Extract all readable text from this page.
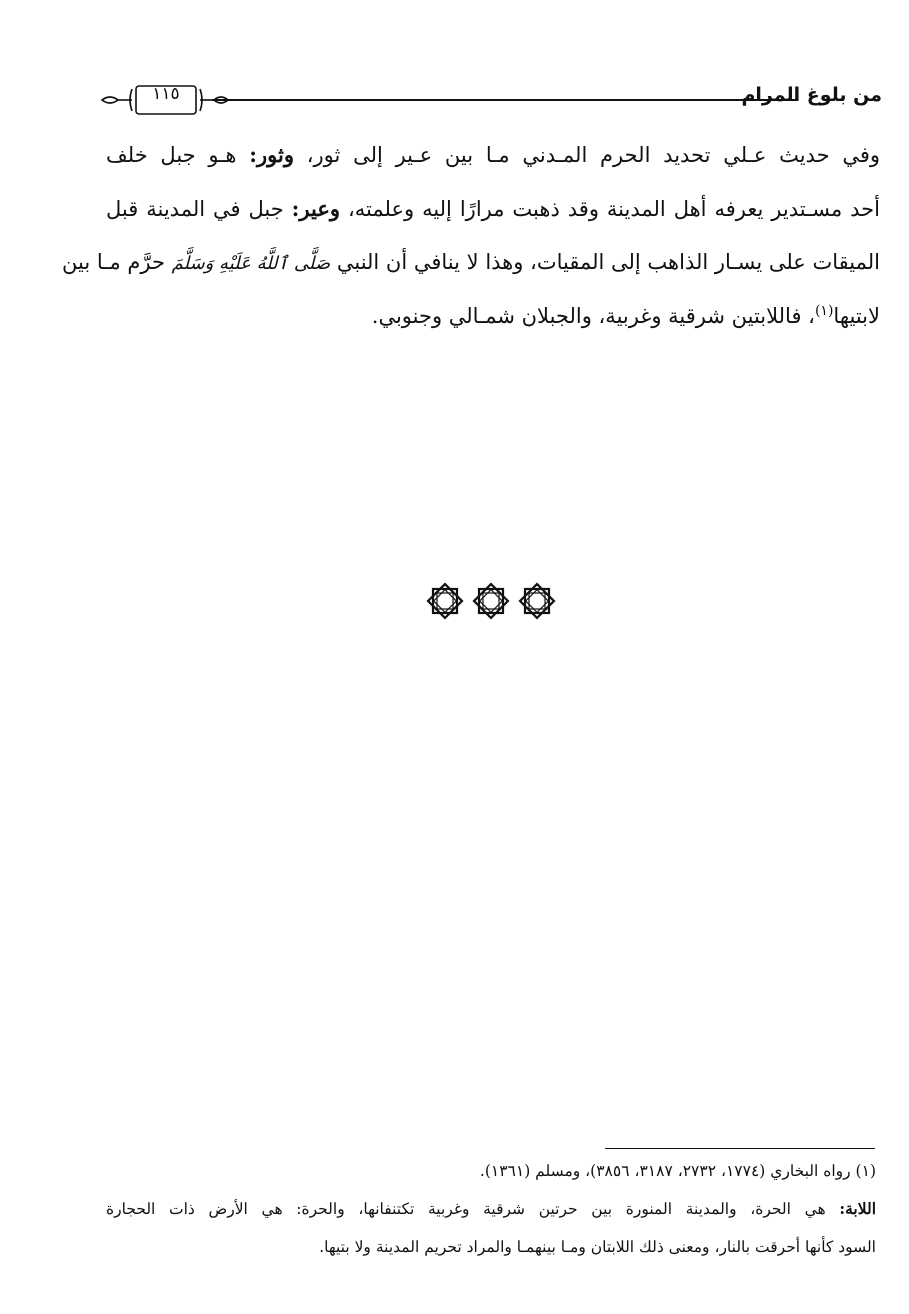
١١٥	من بلوغ المرام
وفي حديث عـلي تحديد الحرم المـدني مـا بين عـير إلى ثور، وثور: هـو جبل خلف
أحد مسـتدير يعرفه أهل المدينة وقد ذهبت مرارًا إليه وعلمته، وعير: جبل في المدينة قبل
الميقات على يسـار الذاهب إلى المقيات، وهذا لا ينافي أن النبي صَلَّى ٱللَّهُ عَلَيْهِ وَسَلَّمَ حرَّم مـا بين
لابتيها$^{(١)}$، فاللابتين شرقية وغربية، والجبلان شمـالي وجنوبي.
(١) رواه البخاري (١٧٧٤، ٢٧٣٢، ٣١٨٧، ٣٨٥٦)، ومسلم (١٣٦١).
اللابة: هي الحرة، والمدينة المنورة بين حرتين شرقية وغربية تكتنفانها، والحرة: هي الأرض ذات الحجارة
السود كأنها أحرقت بالنار، ومعنى ذلك اللابتان ومـا بينهمـا والمراد تحريم المدينة ولا بتيها.
